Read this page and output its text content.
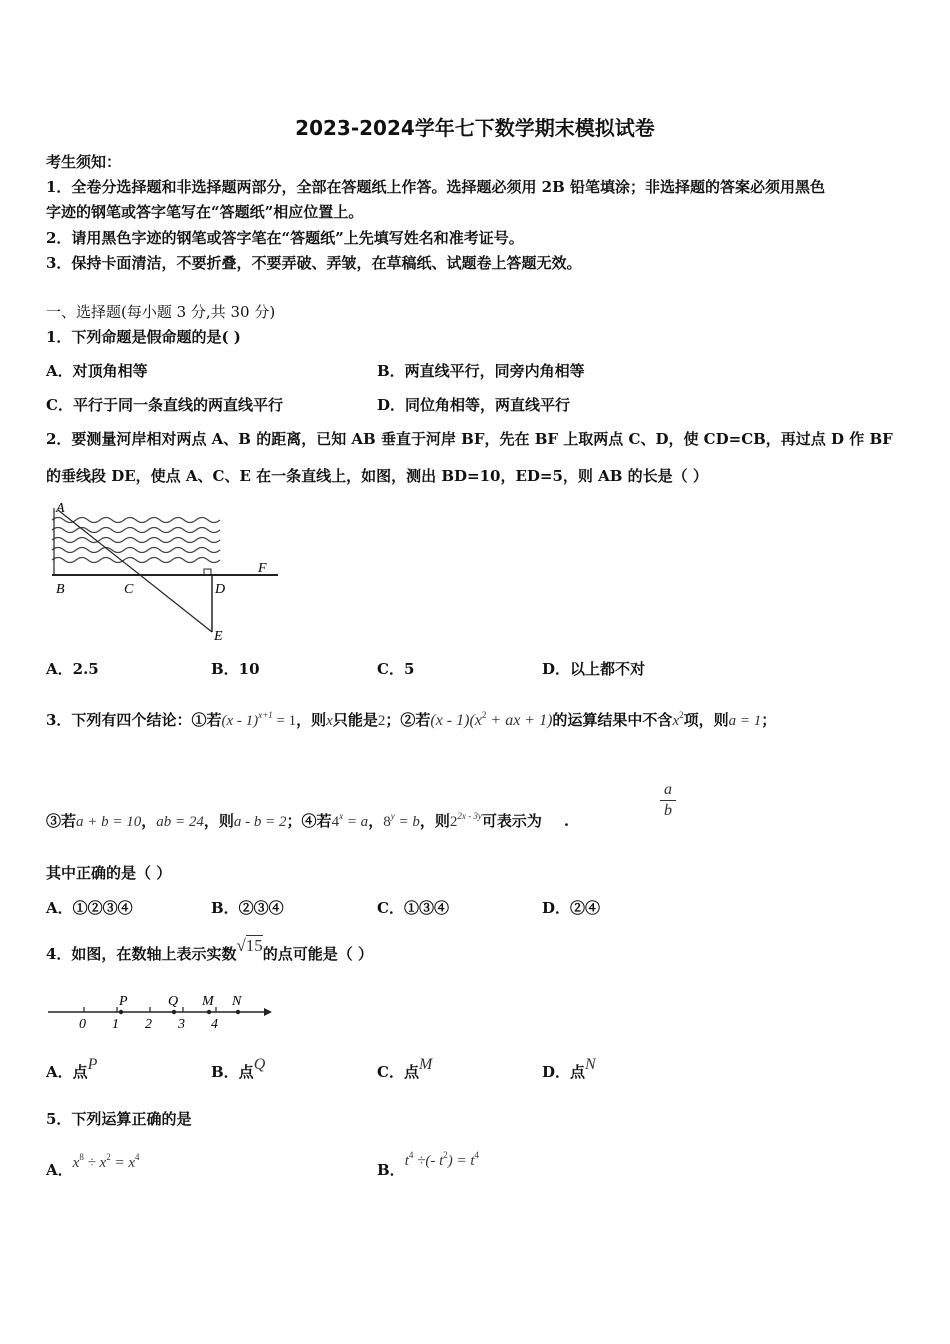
2023-2024学年七下数学期末模拟试卷
考生须知：
1．全卷分选择题和非选择题两部分，全部在答题纸上作答。选择题必须用 2B 铅笔填涂；非选择题的答案必须用黑色
字迹的钢笔或答字笔写在“答题纸”相应位置上。
2．请用黑色字迹的钢笔或答字笔在“答题纸”上先填写姓名和准考证号。
3．保持卡面清洁，不要折叠，不要弄破、弄皱，在草稿纸、试题卷上答题无效。
一、选择题(每小题 3 分,共 30 分)
1．下列命题是假命题的是( )
A．对顶角相等	B．两直线平行，同旁内角相等
C．平行于同一条直线的两直线平行	D．同位角相等，两直线平行
2．要测量河岸相对两点 A、B 的距离，已知 AB 垂直于河岸 BF，先在 BF 上取两点 C、D，使 CD=CB，再过点 D 作 BF
的垂线段 DE，使点 A、C、E 在一条直线上，如图，测出 BD=10，ED=5，则 AB 的长是（ ）
A
B	C	D
E
F
A．2.5	B．10	C．5	D．以上都不对
3．下列有四个结论：①若(x - 1)$^{x+1}$ = 1，则x只能是2；②若$(x - 1)(x^2$ + ax + 1)的运算结果中不含$x^2$项，则a = 1；
③若a + b = 10，ab = 24，则a - b = 2；④若$4^x = a$，$8^y = b$，则$2^{2x - 3y}$可表示为 .
a
b
其中正确的是（ ）
A．①②③④	B．②③④	C．①③④	D．②④
4．如图，在数轴上表示实数√15的点可能是（ ）
0 1 2 3 4
P	Q M N
A．点P	B．点Q	C．点M	D．点N
5．下列运算正确的是
A．$x^8 \div x^2 = x^4$
B．$t^4$ ÷(- $t^2) = t^4$
